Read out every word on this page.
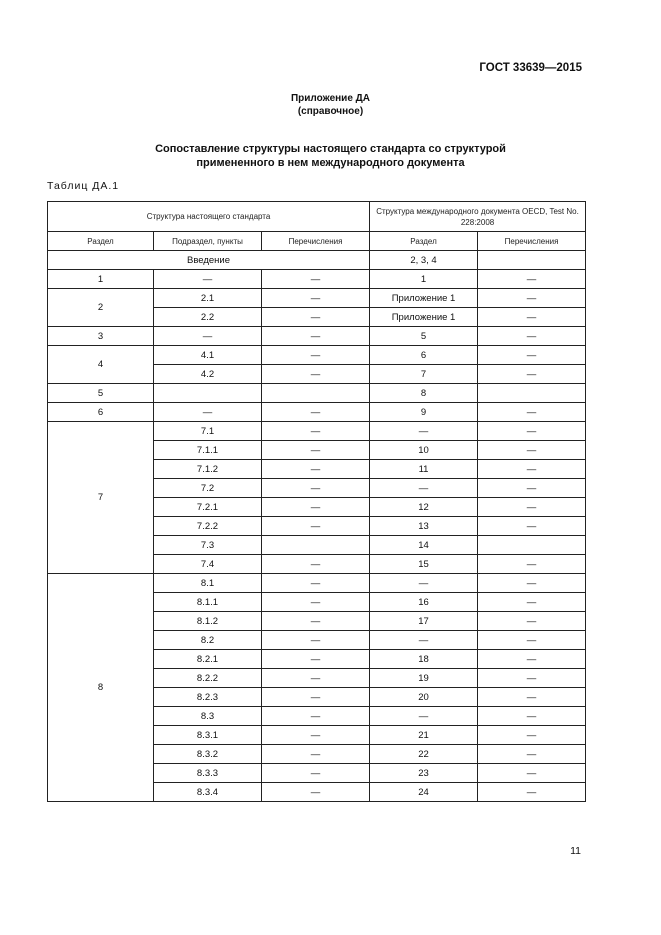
ГОСТ 33639—2015
Приложение ДА
(справочное)
Сопоставление структуры настоящего стандарта со структурой
примененного в нем международного документа
Таблиц ДА.1
Структура настоящего стандарта			Структура международного документа OECD, Test No. 228:2008	
Раздел	Подраздел, пункты	Перечисления	Раздел	Перечисления
Введение			2, 3, 4	
1	—	—	1	—
2	2.1	—	Приложение 1	—
	2.2	—	Приложение 1	—
3	—	—	5	—
4	4.1	—	6	—
	4.2	—	7	—
5			8	
6	—	—	9	—
7	7.1	—	—	—
	7.1.1	—	10	—
	7.1.2	—	11	—
	7.2	—	—	—
	7.2.1	—	12	—
	7.2.2	—	13	—
	7.3		14	
	7.4	—	15	—
8	8.1	—	—	—
	8.1.1	—	16	—
	8.1.2	—	17	—
	8.2	—	—	—
	8.2.1	—	18	—
	8.2.2	—	19	—
	8.2.3	—	20	—
	8.3	—	—	—
	8.3.1	—	21	—
	8.3.2	—	22	—
	8.3.3	—	23	—
	8.3.4	—	24	—
11
